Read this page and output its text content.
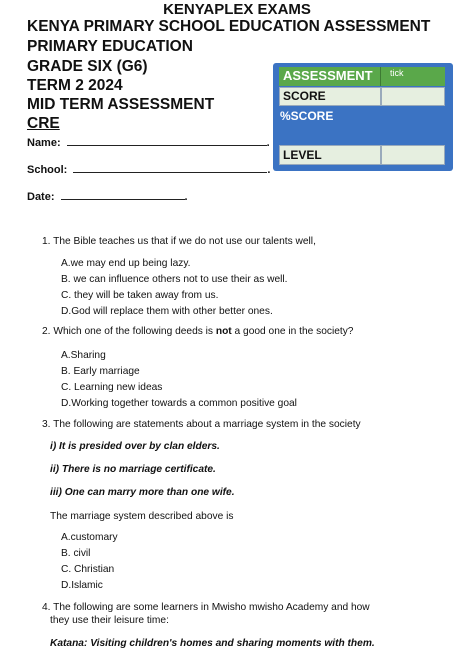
KENYAPLEX EXAMS
KENYA PRIMARY SCHOOL EDUCATION ASSESSMENT
PRIMARY EDUCATION
GRADE SIX (G6)
TERM 2 2024
MID TERM ASSESSMENT
CRE
Name:	.
School:	.
Date:	.
ASSESSMENT tick
SCORE
%SCORE
LEVEL
1. The Bible teaches us that if we do not use our talents well,
A.we may end up being lazy.
B. we can influence others not to use their as well.
C. they will be taken away from us.
D.God will replace them with other better ones.
2. Which one of the following deeds is not a good one in the society?
A.Sharing
B. Early marriage
C. Learning new ideas
D.Working together towards a common positive goal
3. The following are statements about a marriage system in the society
i) It is presided over by clan elders.
ii) There is no marriage certificate.
iii) One can marry more than one wife.
The marriage system described above is
A.customary
B. civil
C. Christian
D.Islamic
4. The following are some learners in Mwisho mwisho Academy and how
they use their leisure time:
Katana: Visiting children's homes and sharing moments with them.
